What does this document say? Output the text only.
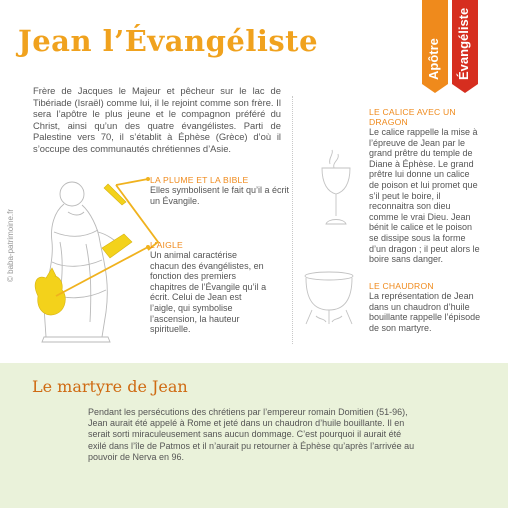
Jean l’Évangéliste	Apôtre Évangéliste
Frère de Jacques le Majeur et pêcheur sur le lac de Tibériade (Israël) comme lui, il le rejoint comme son frère. Il sera l’apôtre le plus jeune et le compagnon préféré du Christ, ainsi qu’un des quatre évangélistes. Parti de Palestine vers 70, il s’établit à Éphèse (Grèce) d’où il s’occupe des communautés chrétiennes d’Asie.
© baba-patrimoine.fr
LA PLUME ET LA BIBLE
Elles symbolisent le fait qu’il a écrit un Évangile.
L’AIGLE
Un animal caractérise chacun des évangélistes, en fonction des premiers chapitres de l’Évangile qu’il a écrit. Celui de Jean est l’aigle, qui symbolise l’ascension, la hauteur spirituelle.
LE CALICE AVEC UN DRAGON
Le calice rappelle la mise à l’épreuve de Jean par le grand prêtre du temple de Diane à Éphèse. Le grand prêtre lui donne un calice de poison et lui promet que s’il peut le boire, il reconnaitra son dieu comme le vrai Dieu. Jean bénit le calice et le poison se dissipe sous la forme d’un dragon ; il peut alors le boire sans danger.
LE CHAUDRON
La représentation de Jean dans un chaudron d’huile bouillante rappelle l’épisode de son martyre.
Le martyre de Jean
Pendant les persécutions des chrétiens par l’empereur romain Domitien (51-96), Jean aurait été appelé à Rome et jeté dans un chaudron d’huile bouillante. Il en serait sorti miraculeusement sans aucun dommage. C’est pourquoi il aurait été exilé dans l’île de Patmos et il n’aurait pu retourner à Éphèse qu’après l’arrivée au pouvoir de Nerva en 96.
